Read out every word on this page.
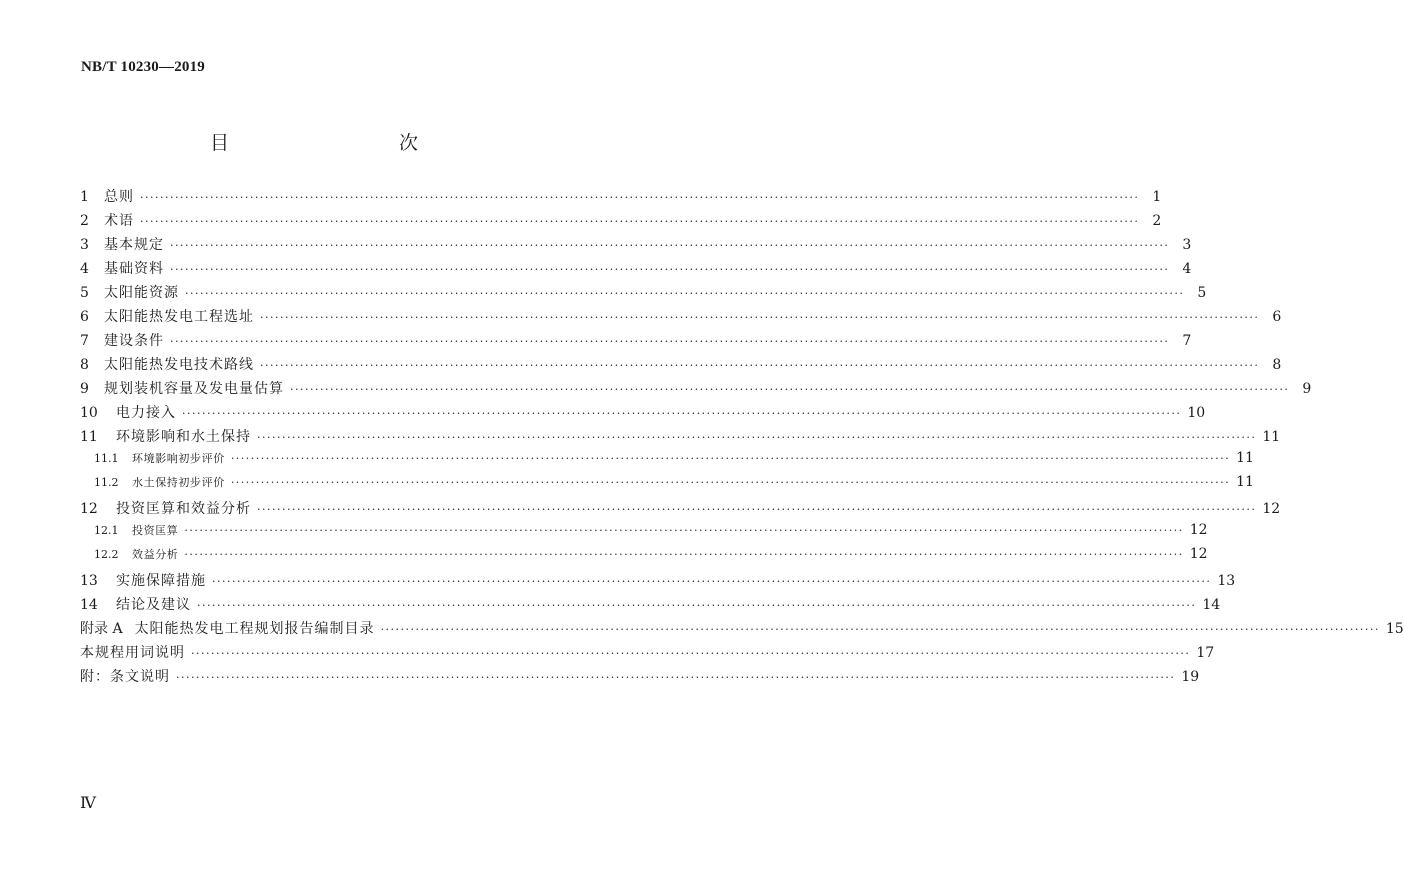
NB/T 10230—2019
目　　次
1	总则 ········································································································································································································ 1
2	术语 ········································································································································································································ 2
3	基本规定 ········································································································································································································ 3
4	基础资料 ········································································································································································································ 4
5	太阳能资源 ········································································································································································································ 5
6	太阳能热发电工程选址 ········································································································································································································ 6
7	建设条件 ········································································································································································································ 7
8	太阳能热发电技术路线 ········································································································································································································ 8
9	规划装机容量及发电量估算 ········································································································································································································ 9
10	电力接入 ········································································································································································································ 10
11	环境影响和水土保持 ········································································································································································································ 11
11.1	环境影响初步评价 ········································································································································································································ 11
11.2	水土保持初步评价 ········································································································································································································ 11
12	投资匡算和效益分析 ········································································································································································································ 12
12.1	投资匡算 ········································································································································································································ 12
12.2	效益分析 ········································································································································································································ 12
13	实施保障措施 ········································································································································································································ 13
14	结论及建议 ········································································································································································································ 14
附录 A 太阳能热发电工程规划报告编制目录 ········································································································································································································ 15
本规程用词说明 ········································································································································································································ 17
附：条文说明 ········································································································································································································ 19
Ⅳ
